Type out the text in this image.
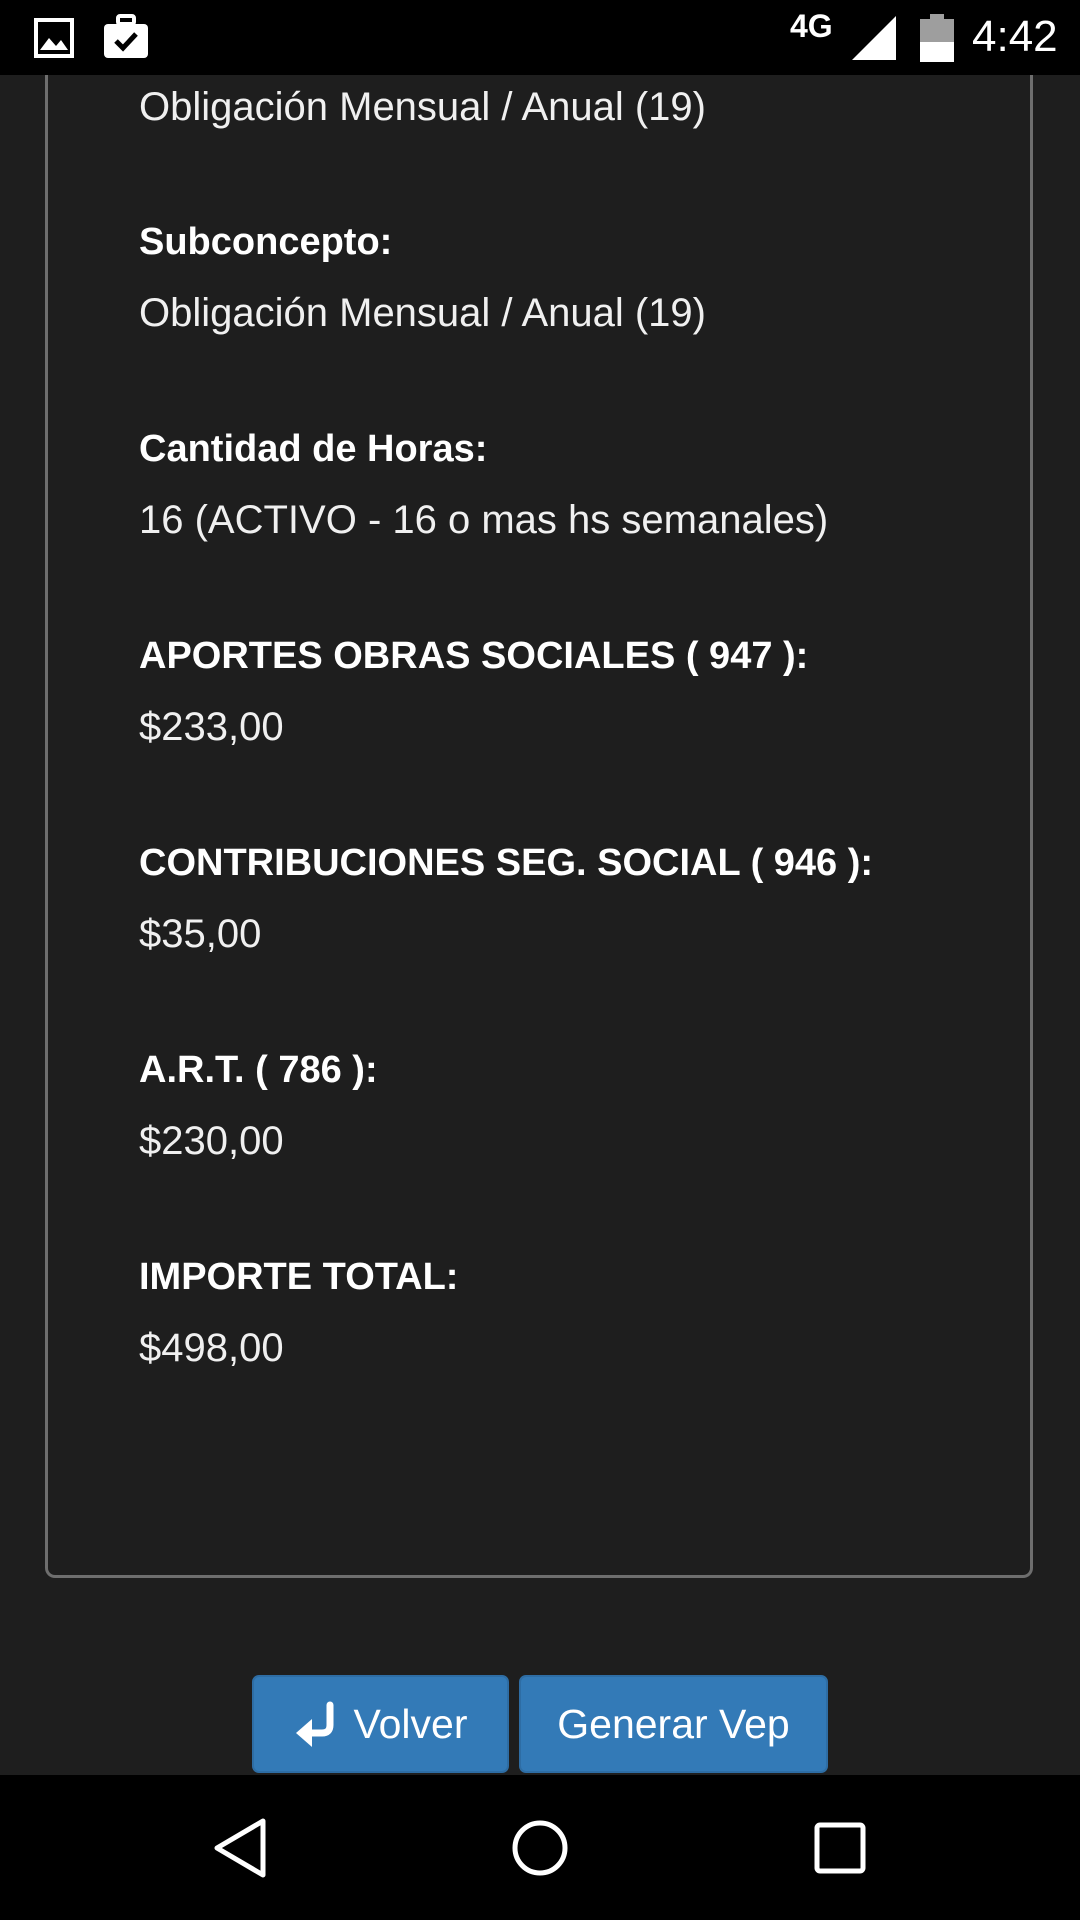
4G	4:42
Obligación Mensual / Anual (19)
Subconcepto:
Obligación Mensual / Anual (19)
Cantidad de Horas:
16 (ACTIVO - 16 o mas hs semanales)
APORTES OBRAS SOCIALES ( 947 ):
$233,00
CONTRIBUCIONES SEG. SOCIAL ( 946 ):
$35,00
A.R.T. ( 786 ):
$230,00
IMPORTE TOTAL:
$498,00
Volver Generar Vep
